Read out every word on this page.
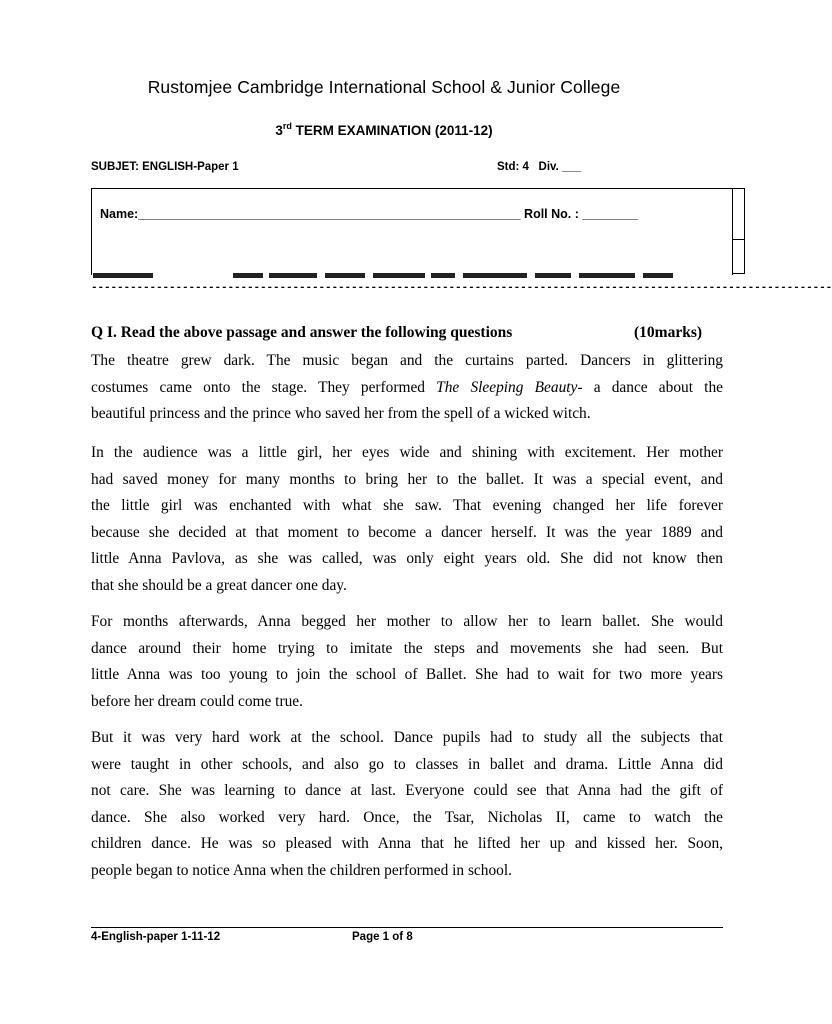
Rustomjee Cambridge International School & Junior College
3rd TERM EXAMINATION (2011-12)
SUBJET: ENGLISH-Paper 1	Std: 4   Div. ___
Name:_______________________________________________________ Roll No. : ________
------------------------------------------------------------------------------------------------------------------
Q I. Read the above passage and answer the following questions	(10marks)
The theatre grew dark. The music began and the curtains parted. Dancers in glittering
costumes came onto the stage. They performed The Sleeping Beauty- a dance about the
beautiful princess and the prince who saved her from the spell of a wicked witch.
In the audience was a little girl, her eyes wide and shining with excitement. Her mother
had saved money for many months to bring her to the ballet. It was a special event, and
the little girl was enchanted with what she saw. That evening changed her life forever
because she decided at that moment to become a dancer herself. It was the year 1889 and
little Anna Pavlova, as she was called, was only eight years old. She did not know then
that she should be a great dancer one day.
For months afterwards, Anna begged her mother to allow her to learn ballet. She would
dance around their home trying to imitate the steps and movements she had seen. But
little Anna was too young to join the school of Ballet. She had to wait for two more years
before her dream could come true.
But it was very hard work at the school. Dance pupils had to study all the subjects that
were taught in other schools, and also go to classes in ballet and drama. Little Anna did
not care. She was learning to dance at last. Everyone could see that Anna had the gift of
dance. She also worked very hard. Once, the Tsar, Nicholas II, came to watch the
children dance. He was so pleased with Anna that he lifted her up and kissed her. Soon,
people began to notice Anna when the children performed in school.
4-English-paper 1-11-12	Page 1 of 8
